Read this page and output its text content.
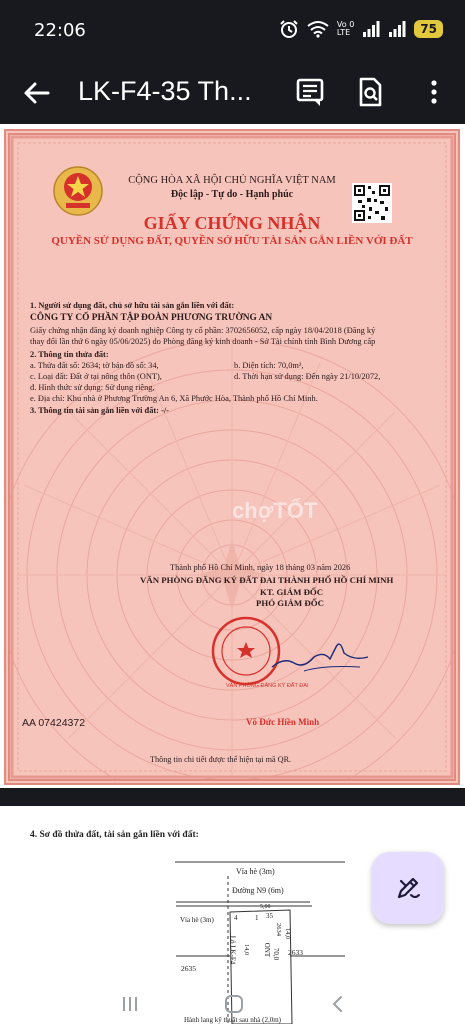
22:06	Vo 0
LTE	75
LK-F4-35 Th...
CỘNG HÒA XÃ HỘI CHỦ NGHĨA VIỆT NAM
Độc lập - Tự do - Hạnh phúc
GIẤY CHỨNG NHẬN
QUYỀN SỬ DỤNG ĐẤT, QUYỀN SỞ HỮU TÀI SẢN GẮN LIỀN VỚI ĐẤT
1. Người sử dụng đất, chủ sở hữu tài sản gắn liền với đất:
CÔNG TY CỔ PHẦN TẬP ĐOÀN PHƯƠNG TRƯỜNG AN
Giấy chứng nhận đăng ký doanh nghiệp Công ty cổ phần: 3702656052, cấp ngày 18/04/2018 (Đăng ký
thay đổi lần thứ 6 ngày 05/06/2025) do Phòng đăng ký kinh doanh - Sở Tài chính tỉnh Bình Dương cấp
2. Thông tin thửa đất:
a. Thửa đất số: 2634; tờ bản đồ số: 34,	b. Diện tích: 70,0m²,
c. Loại đất: Đất ở tại nông thôn (ONT),	d. Thời hạn sử dụng: Đến ngày 21/10/2072,
đ. Hình thức sử dụng: Sử dụng riêng,
e. Địa chỉ: Khu nhà ở Phương Trường An 6, Xã Phước Hòa, Thành phố Hồ Chí Minh.
3. Thông tin tài sản gắn liền với đất: -/-
chợTỐT
Thành phố Hồ Chí Minh, ngày 18 tháng 03 năm 2026
VĂN PHÒNG ĐĂNG KÝ ĐẤT ĐAI THÀNH PHỐ HỒ CHÍ MINH
KT. GIÁM ĐỐC
PHÓ GIÁM ĐỐC
VĂN PHÒNG ĐĂNG KÝ ĐẤT ĐAI
AA 07424372	Võ Đức Hiền Minh
Thông tin chi tiết được thể hiện tại mã QR.
4. Sơ đồ thửa đất, tài sản gắn liền với đất:
Vỉa hè (3m)
Đường N9 (6m)
Vỉa hè (3m)	1
4	35
5,00
Lô LK-F4 14,0 ONT 70,0
2634 14,0
2635
2633
Hành lang kỹ thuật sau nhà (2,0m)
